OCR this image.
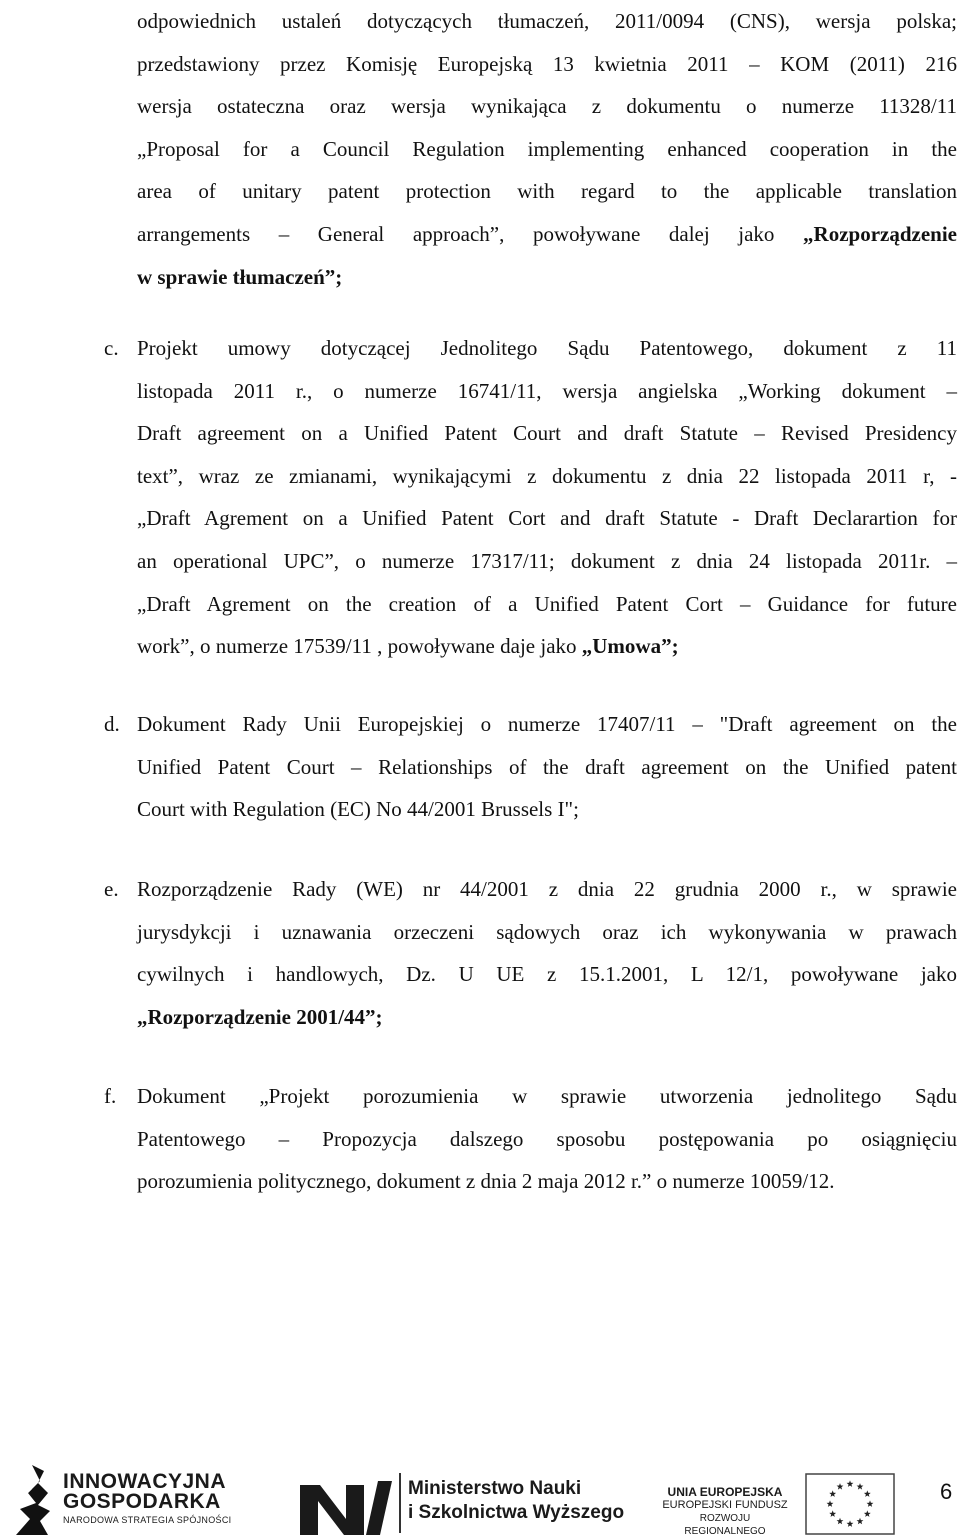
odpowiednich ustaleń dotyczących tłumaczeń, 2011/0094 (CNS), wersja polska;
przedstawiony przez Komisję Europejską 13 kwietnia 2011 – KOM (2011) 216
wersja ostateczna oraz wersja wynikająca z dokumentu o numerze 11328/11
„Proposal for a Council Regulation implementing enhanced cooperation in the
area of unitary patent protection with regard to the applicable translation
arrangements – General approach”, powoływane dalej jako „Rozporządzenie
w sprawie tłumaczeń”;
c. Projekt umowy dotyczącej Jednolitego Sądu Patentowego, dokument z 11
listopada 2011 r., o numerze 16741/11, wersja angielska „Working dokument –
Draft agreement on a Unified Patent Court and draft Statute – Revised Presidency
text”, wraz ze zmianami, wynikającymi z dokumentu z dnia 22 listopada 2011 r, -
„Draft Agrement on a Unified Patent Cort and draft Statute - Draft Declarartion for
an operational UPC”, o numerze 17317/11; dokument z dnia 24 listopada 2011r. –
„Draft Agrement on the creation of a Unified Patent Cort – Guidance for future
work”, o numerze 17539/11 , powoływane daje jako „Umowa”;
d. Dokument Rady Unii Europejskiej o numerze 17407/11 – "Draft agreement on the
Unified Patent Court – Relationships of the draft agreement on the Unified patent
Court with Regulation (EC) No 44/2001 Brussels I";
e. Rozporządzenie Rady (WE) nr 44/2001 z dnia 22 grudnia 2000 r., w sprawie
jurysdykcji i uznawania orzeczeni sądowych oraz ich wykonywania w prawach
cywilnych i handlowych, Dz. U UE z 15.1.2001, L 12/1, powoływane jako
„Rozporządzenie 2001/44”;
f. Dokument „Projekt porozumienia w sprawie utworzenia jednolitego Sądu
Patentowego – Propozycja dalszego sposobu postępowania po osiągnięciu
porozumienia politycznego, dokument z dnia 2 maja 2012 r.” o numerze 10059/12.
INNOWACYJNA
GOSPODARKA
NARODOWA STRATEGIA SPÓJNOŚCI
Ministerstwo Nauki
i Szkolnictwa Wyższego
UNIA EUROPEJSKA
EUROPEJSKI FUNDUSZ
ROZWOJU REGIONALNEGO
6
